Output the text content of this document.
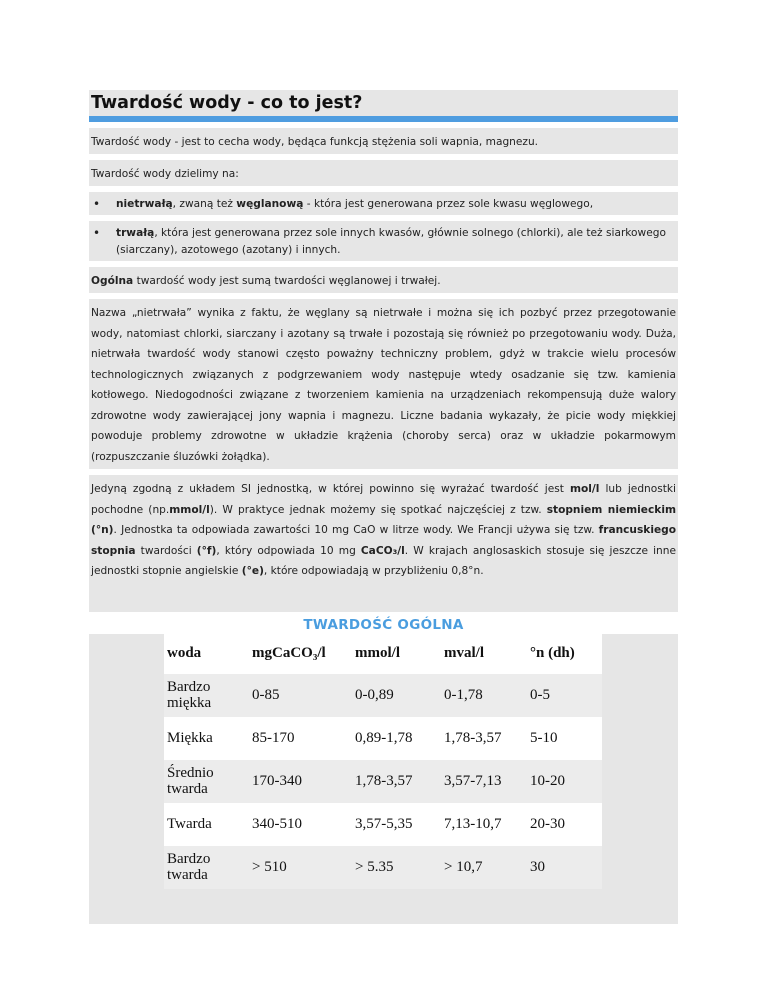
Twardość wody - co to jest?
Twardość wody - jest to cecha wody, będąca funkcją stężenia soli wapnia, magnezu.
Twardość wody dzielimy na:
• nietrwałą, zwaną też węglanową - która jest generowana przez sole kwasu węglowego,
• trwałą, która jest generowana przez sole innych kwasów, głównie solnego (chlorki), ale też siarkowego (siarczany), azotowego (azotany) i innych.
Ogólna twardość wody jest sumą twardości węglanowej i trwałej.
Nazwa „nietrwała” wynika z faktu, że węglany są nietrwałe i można się ich pozbyć przez przegotowanie wody, natomiast chlorki, siarczany i azotany są trwałe i pozostają się również po przegotowaniu wody. Duża, nietrwała twardość wody stanowi często poważny techniczny problem, gdyż w trakcie wielu procesów technologicznych związanych z podgrzewaniem wody następuje wtedy osadzanie się tzw. kamienia kotłowego. Niedogodności związane z tworzeniem kamienia na urządzeniach rekompensują duże walory zdrowotne wody zawierającej jony wapnia i magnezu. Liczne badania wykazały, że picie wody miękkiej powoduje problemy zdrowotne w układzie krążenia (choroby serca) oraz w układzie pokarmowym (rozpuszczanie śluzówki żołądka).
Jedyną zgodną z układem SI jednostką, w której powinno się wyrażać twardość jest mol/l lub jednostki pochodne (np.mmol/l). W praktyce jednak możemy się spotkać najczęściej z tzw. stopniem niemieckim (°n). Jednostka ta odpowiada zawartości 10 mg CaO w litrze wody. We Francji używa się tzw. francuskiego stopnia twardości (°f), który odpowiada 10 mg CaCO₃/l. W krajach anglosaskich stosuje się jeszcze inne jednostki stopnie angielskie (°e), które odpowiadają w przybliżeniu 0,8°n.
TWARDOŚĆ OGÓLNA
woda	mgCaCO₃/l	mmol/l	mval/l	°n (dh)
Bardzo miękka	0-85	0-0,89	0-1,78	0-5
Miękka	85-170	0,89-1,78	1,78-3,57	5-10
Średnio twarda	170-340	1,78-3,57	3,57-7,13	10-20
Twarda	340-510	3,57-5,35	7,13-10,7	20-30
Bardzo twarda	> 510	> 5.35	> 10,7	30
